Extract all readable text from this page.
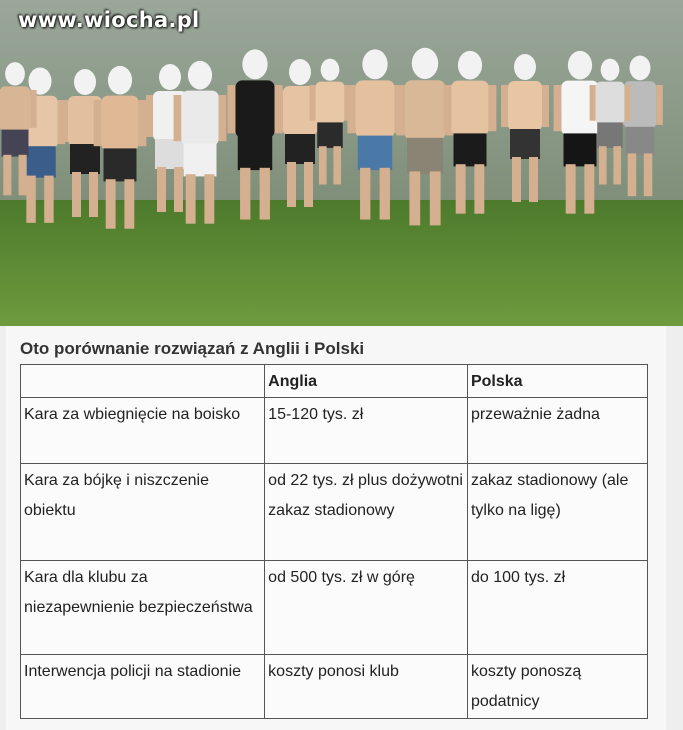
www.wiocha.pl
Oto porównanie rozwiązań z Anglii i Polski
	Anglia	Polska
Kara za wbiegnięcie na boisko	15-120 tys. zł	przeważnie żadna
Kara za bójkę i niszczenie obiektu	od 22 tys. zł plus dożywotni zakaz stadionowy	zakaz stadionowy (ale tylko na ligę)
Kara dla klubu za niezapewnienie bezpieczeństwa	od 500 tys. zł w górę	do 100 tys. zł
Interwencja policji na stadionie	koszty ponosi klub	koszty ponoszą podatnicy
